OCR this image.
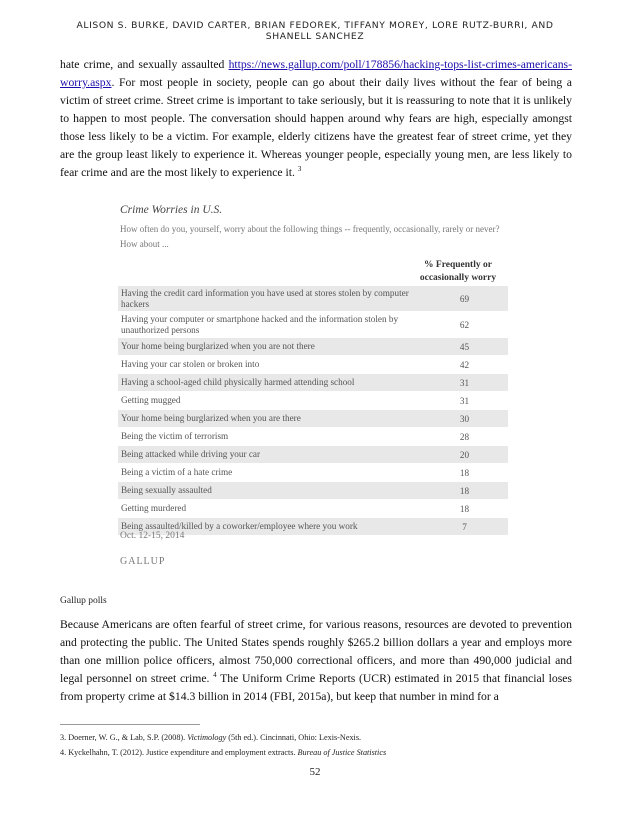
ALISON S. BURKE, DAVID CARTER, BRIAN FEDOREK, TIFFANY MOREY, LORE RUTZ-BURRI, AND SHANELL SANCHEZ

hate crime, and sexually assaulted https://news.gallup.com/poll/178856/hacking-tops-list-crimes-americans-worry.aspx. For most people in society, people can go about their daily lives without the fear of being a victim of street crime. Street crime is important to take seriously, but it is reassuring to note that it is unlikely to happen to most people. The conversation should happen around why fears are high, especially amongst those less likely to be a victim. For example, elderly citizens have the greatest fear of street crime, yet they are the group least likely to experience it. Whereas younger people, especially young men, are less likely to fear crime and are the most likely to experience it. $^3$

Crime Worries in U.S.
How often do you, yourself, worry about the following things -- frequently, occasionally, rarely or never? How about ...
% Frequently or occasionally worry
Having the credit card information you have used at stores stolen by computer hackers	69
Having your computer or smartphone hacked and the information stolen by unauthorized persons	62
Your home being burglarized when you are not there	45
Having your car stolen or broken into	42
Having a school-aged child physically harmed attending school	31
Getting mugged	31
Your home being burglarized when you are there	30
Being the victim of terrorism	28
Being attacked while driving your car	20
Being a victim of a hate crime	18
Being sexually assaulted	18
Getting murdered	18
Being assaulted/killed by a coworker/employee where you work	7
Oct. 12-15, 2014
GALLUP
Gallup polls

Because Americans are often fearful of street crime, for various reasons, resources are devoted to prevention and protecting the public. The United States spends roughly $265.2 billion dollars a year and employs more than one million police officers, almost 750,000 correctional officers, and more than 490,000 judicial and legal personnel on street crime. $^4$ The Uniform Crime Reports (UCR) estimated in 2015 that financial loses from property crime at $14.3 billion in 2014 (FBI, 2015a), but keep that number in mind for a

3. Doerner, W. G., & Lab, S.P. (2008). Victimology (5th ed.). Cincinnati, Ohio: Lexis-Nexis.
4. Kyckelhahn, T. (2012). Justice expenditure and employment extracts. Bureau of Justice Statistics
52
